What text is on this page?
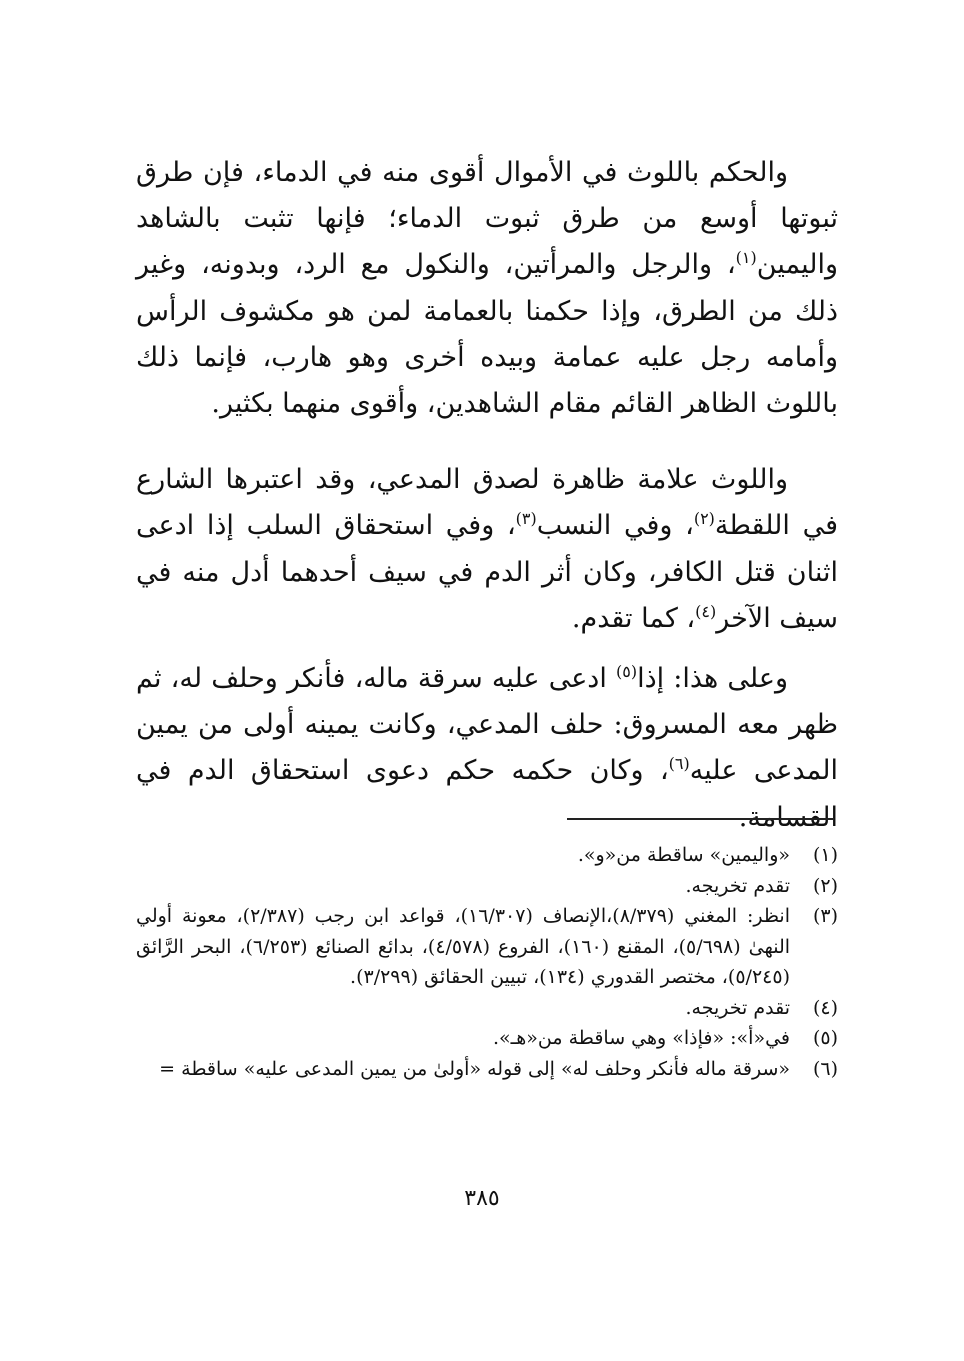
والحكم باللوث في الأموال أقوى منه في الدماء، فإن طرق ثبوتها أوسع من طرق ثبوت الدماء؛ فإنها تثبت بالشاهد واليمين$^{(١)}$، والرجل والمرأتين، والنكول مع الرد، وبدونه، وغير ذلك من الطرق، وإذا حكمنا بالعمامة لمن هو مكشوف الرأس وأمامه رجل عليه عمامة وبيده أخرى وهو هارب، فإنما ذلك باللوث الظاهر القائم مقام الشاهدين، وأقوى منهما بكثير.

واللوث علامة ظاهرة لصدق المدعي، وقد اعتبرها الشارع في اللقطة$^{(٢)}$، وفي النسب$^{(٣)}$، وفي استحقاق السلب إذا ادعى اثنان قتل الكافر، وكان أثر الدم في سيف أحدهما أدل منه في سيف الآخر$^{(٤)}$، كما تقدم.

وعلى هذا: إذا$^{(٥)}$ ادعى عليه سرقة ماله، فأنكر وحلف له، ثم ظهر معه المسروق: حلف المدعي، وكانت يمينه أولى من يمين المدعى عليه$^{(٦)}$، وكان حكمه حكم دعوى استحقاق الدم في القسامة.

(١)
«واليمين» ساقطة من«و».
(٢)
تقدم تخريجه.
(٣)
انظر: المغني (٨/٣٧٩)،الإنصاف (١٦/٣٠٧)، قواعد ابن رجب (٢/٣٨٧)، معونة أولي النهىٰ (٥/٦٩٨)، المقنع (١٦٠)، الفروع (٤/٥٧٨)، بدائع الصنائع (٦/٢٥٣)، البحر الرَّائق (٥/٢٤٥)، مختصر القدوري (١٣٤)، تبيين الحقائق (٣/٢٩٩).
(٤)
تقدم تخريجه.
(٥)
في«أ»: «فإذا» وهي ساقطة من«هـ».
(٦)
«سرقة ماله فأنكر وحلف له» إلى قوله «أولىٰ من يمين المدعى عليه» ساقطة =
٣٨٥
